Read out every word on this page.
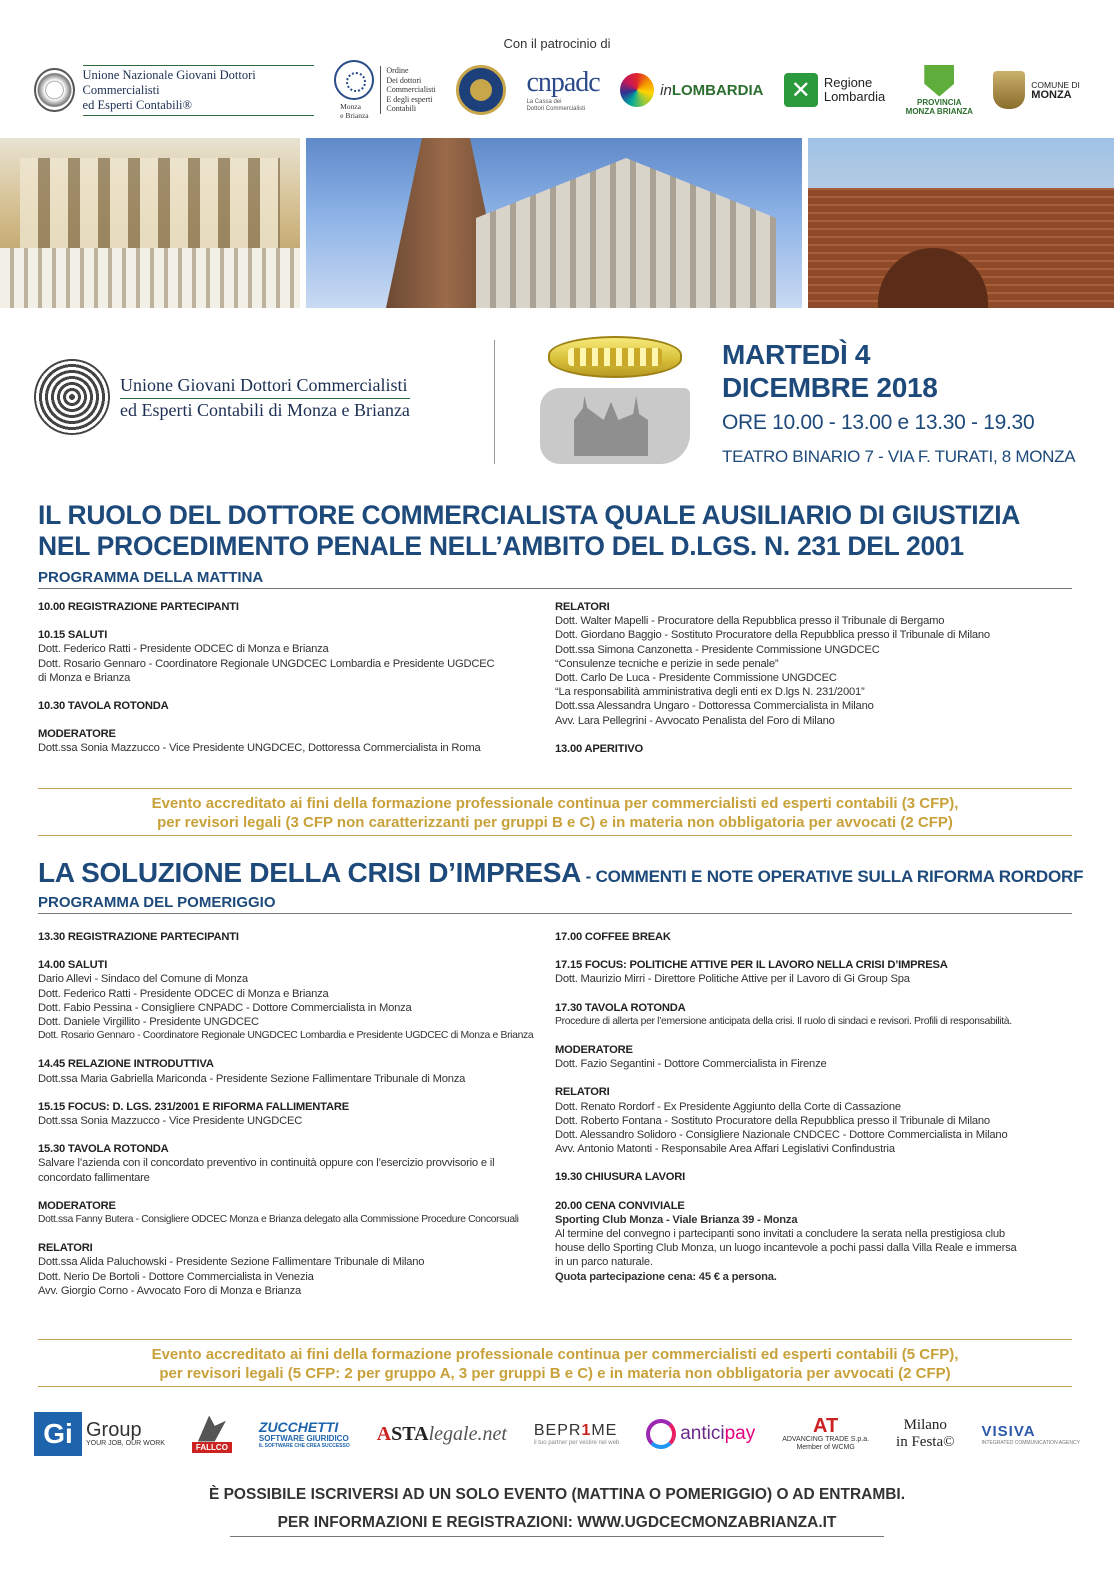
Con il patrocinio di
Unione Nazionale Giovani Dottori Commercialisti
ed Esperti Contabili®	Monza
e Brianza
Ordine
Dei dottori
Commercialisti
E degli esperti
Contabili
cnpadc
La Cassa dei
Dottori Commercialisti
inLOMBARDIA ✕ Regione
Lombardia	PROVINCIA
MONZA BRIANZA
COMUNE DI
MONZA
Unione Giovani Dottori Commercialisti
ed Esperti Contabili di Monza e Brianza
MARTEDÌ 4
DICEMBRE 2018
ORE 10.00 - 13.00 e 13.30 - 19.30
TEATRO BINARIO 7 - VIA F. TURATI, 8 MONZA
IL RUOLO DEL DOTTORE COMMERCIALISTA QUALE AUSILIARIO DI GIUSTIZIA
NEL PROCEDIMENTO PENALE NELL’AMBITO DEL D.LGS. N. 231 DEL 2001
PROGRAMMA DELLA MATTINA
10.00 REGISTRAZIONE PARTECIPANTI
10.15 SALUTI
Dott. Federico Ratti - Presidente ODCEC di Monza e Brianza
Dott. Rosario Gennaro - Coordinatore Regionale UNGDCEC Lombardia e Presidente UGDCEC
di Monza e Brianza
10.30 TAVOLA ROTONDA
MODERATORE
Dott.ssa Sonia Mazzucco - Vice Presidente UNGDCEC, Dottoressa Commercialista in Roma
RELATORI
Dott. Walter Mapelli - Procuratore della Repubblica presso il Tribunale di Bergamo
Dott. Giordano Baggio - Sostituto Procuratore della Repubblica presso il Tribunale di Milano
Dott.ssa Simona Canzonetta - Presidente Commissione UNGDCEC
“Consulenze tecniche e perizie in sede penale”
Dott. Carlo De Luca - Presidente Commissione UNGDCEC
“La responsabilità amministrativa degli enti ex D.lgs N. 231/2001”
Dott.ssa Alessandra Ungaro - Dottoressa Commercialista in Milano
Avv. Lara Pellegrini - Avvocato Penalista del Foro di Milano
13.00 APERITIVO
Evento accreditato ai fini della formazione professionale continua per commercialisti ed esperti contabili (3 CFP),
per revisori legali (3 CFP non caratterizzanti per gruppi B e C) e in materia non obbligatoria per avvocati (2 CFP)
LA SOLUZIONE DELLA CRISI D’IMPRESA - COMMENTI E NOTE OPERATIVE SULLA RIFORMA RORDORF
PROGRAMMA DEL POMERIGGIO
13.30 REGISTRAZIONE PARTECIPANTI
14.00 SALUTI
Dario Allevi - Sindaco del Comune di Monza
Dott. Federico Ratti - Presidente ODCEC di Monza e Brianza
Dott. Fabio Pessina - Consigliere CNPADC - Dottore Commercialista in Monza
Dott. Daniele Virgillito - Presidente UNGDCEC
Dott. Rosario Gennaro - Coordinatore Regionale UNGDCEC Lombardia e Presidente UGDCEC di Monza e Brianza
14.45 RELAZIONE INTRODUTTIVA
Dott.ssa Maria Gabriella Mariconda - Presidente Sezione Fallimentare Tribunale di Monza
15.15 FOCUS: D. LGS. 231/2001 E RIFORMA FALLIMENTARE
Dott.ssa Sonia Mazzucco - Vice Presidente UNGDCEC
15.30 TAVOLA ROTONDA
Salvare l’azienda con il concordato preventivo in continuità oppure con l’esercizio provvisorio e il
concordato fallimentare
MODERATORE
Dott.ssa Fanny Butera - Consigliere ODCEC Monza e Brianza delegato alla Commissione Procedure Concorsuali
RELATORI
Dott.ssa Alida Paluchowski - Presidente Sezione Fallimentare Tribunale di Milano
Dott. Nerio De Bortoli - Dottore Commercialista in Venezia
Avv. Giorgio Corno - Avvocato Foro di Monza e Brianza
17.00 COFFEE BREAK
17.15 FOCUS: POLITICHE ATTIVE PER IL LAVORO NELLA CRISI D’IMPRESA
Dott. Maurizio Mirri - Direttore Politiche Attive per il Lavoro di Gi Group Spa
17.30 TAVOLA ROTONDA
Procedure di allerta per l’emersione anticipata della crisi. Il ruolo di sindaci e revisori. Profili di responsabilità.
MODERATORE
Dott. Fazio Segantini - Dottore Commercialista in Firenze
RELATORI
Dott. Renato Rordorf - Ex Presidente Aggiunto della Corte di Cassazione
Dott. Roberto Fontana - Sostituto Procuratore della Repubblica presso il Tribunale di Milano
Dott. Alessandro Solidoro - Consigliere Nazionale CNDCEC - Dottore Commercialista in Milano
Avv. Antonio Matonti - Responsabile Area Affari Legislativi Confindustria
19.30 CHIUSURA LAVORI
20.00 CENA CONVIVIALE
Sporting Club Monza - Viale Brianza 39 - Monza
Al termine del convegno i partecipanti sono invitati a concludere la serata nella prestigiosa club
house dello Sporting Club Monza, un luogo incantevole a pochi passi dalla Villa Reale e immersa
in un parco naturale.
Quota partecipazione cena: 45 € a persona.
Evento accreditato ai fini della formazione professionale continua per commercialisti ed esperti contabili (5 CFP),
per revisori legali (5 CFP: 2 per gruppo A, 3 per gruppi B e C) e in materia non obbligatoria per avvocati (2 CFP)
Gi Group
YOUR JOB, OUR WORK	FALLCO
ZUCCHETTI
SOFTWARE GIURIDICO
IL SOFTWARE CHE CREA SUCCESSO
ASTAlegale.net BEPR1ME
il tuo partner per vestire nel web	anticipay	AT
ADVANCING TRADE S.p.a.
Member of WCMG
Milano
in Festa©
VISIVA
INTEGRATED COMMUNICATION AGENCY
È POSSIBILE ISCRIVERSI AD UN SOLO EVENTO (MATTINA O POMERIGGIO) O AD ENTRAMBI.
PER INFORMAZIONI E REGISTRAZIONI: WWW.UGDCECMONZABRIANZA.IT
